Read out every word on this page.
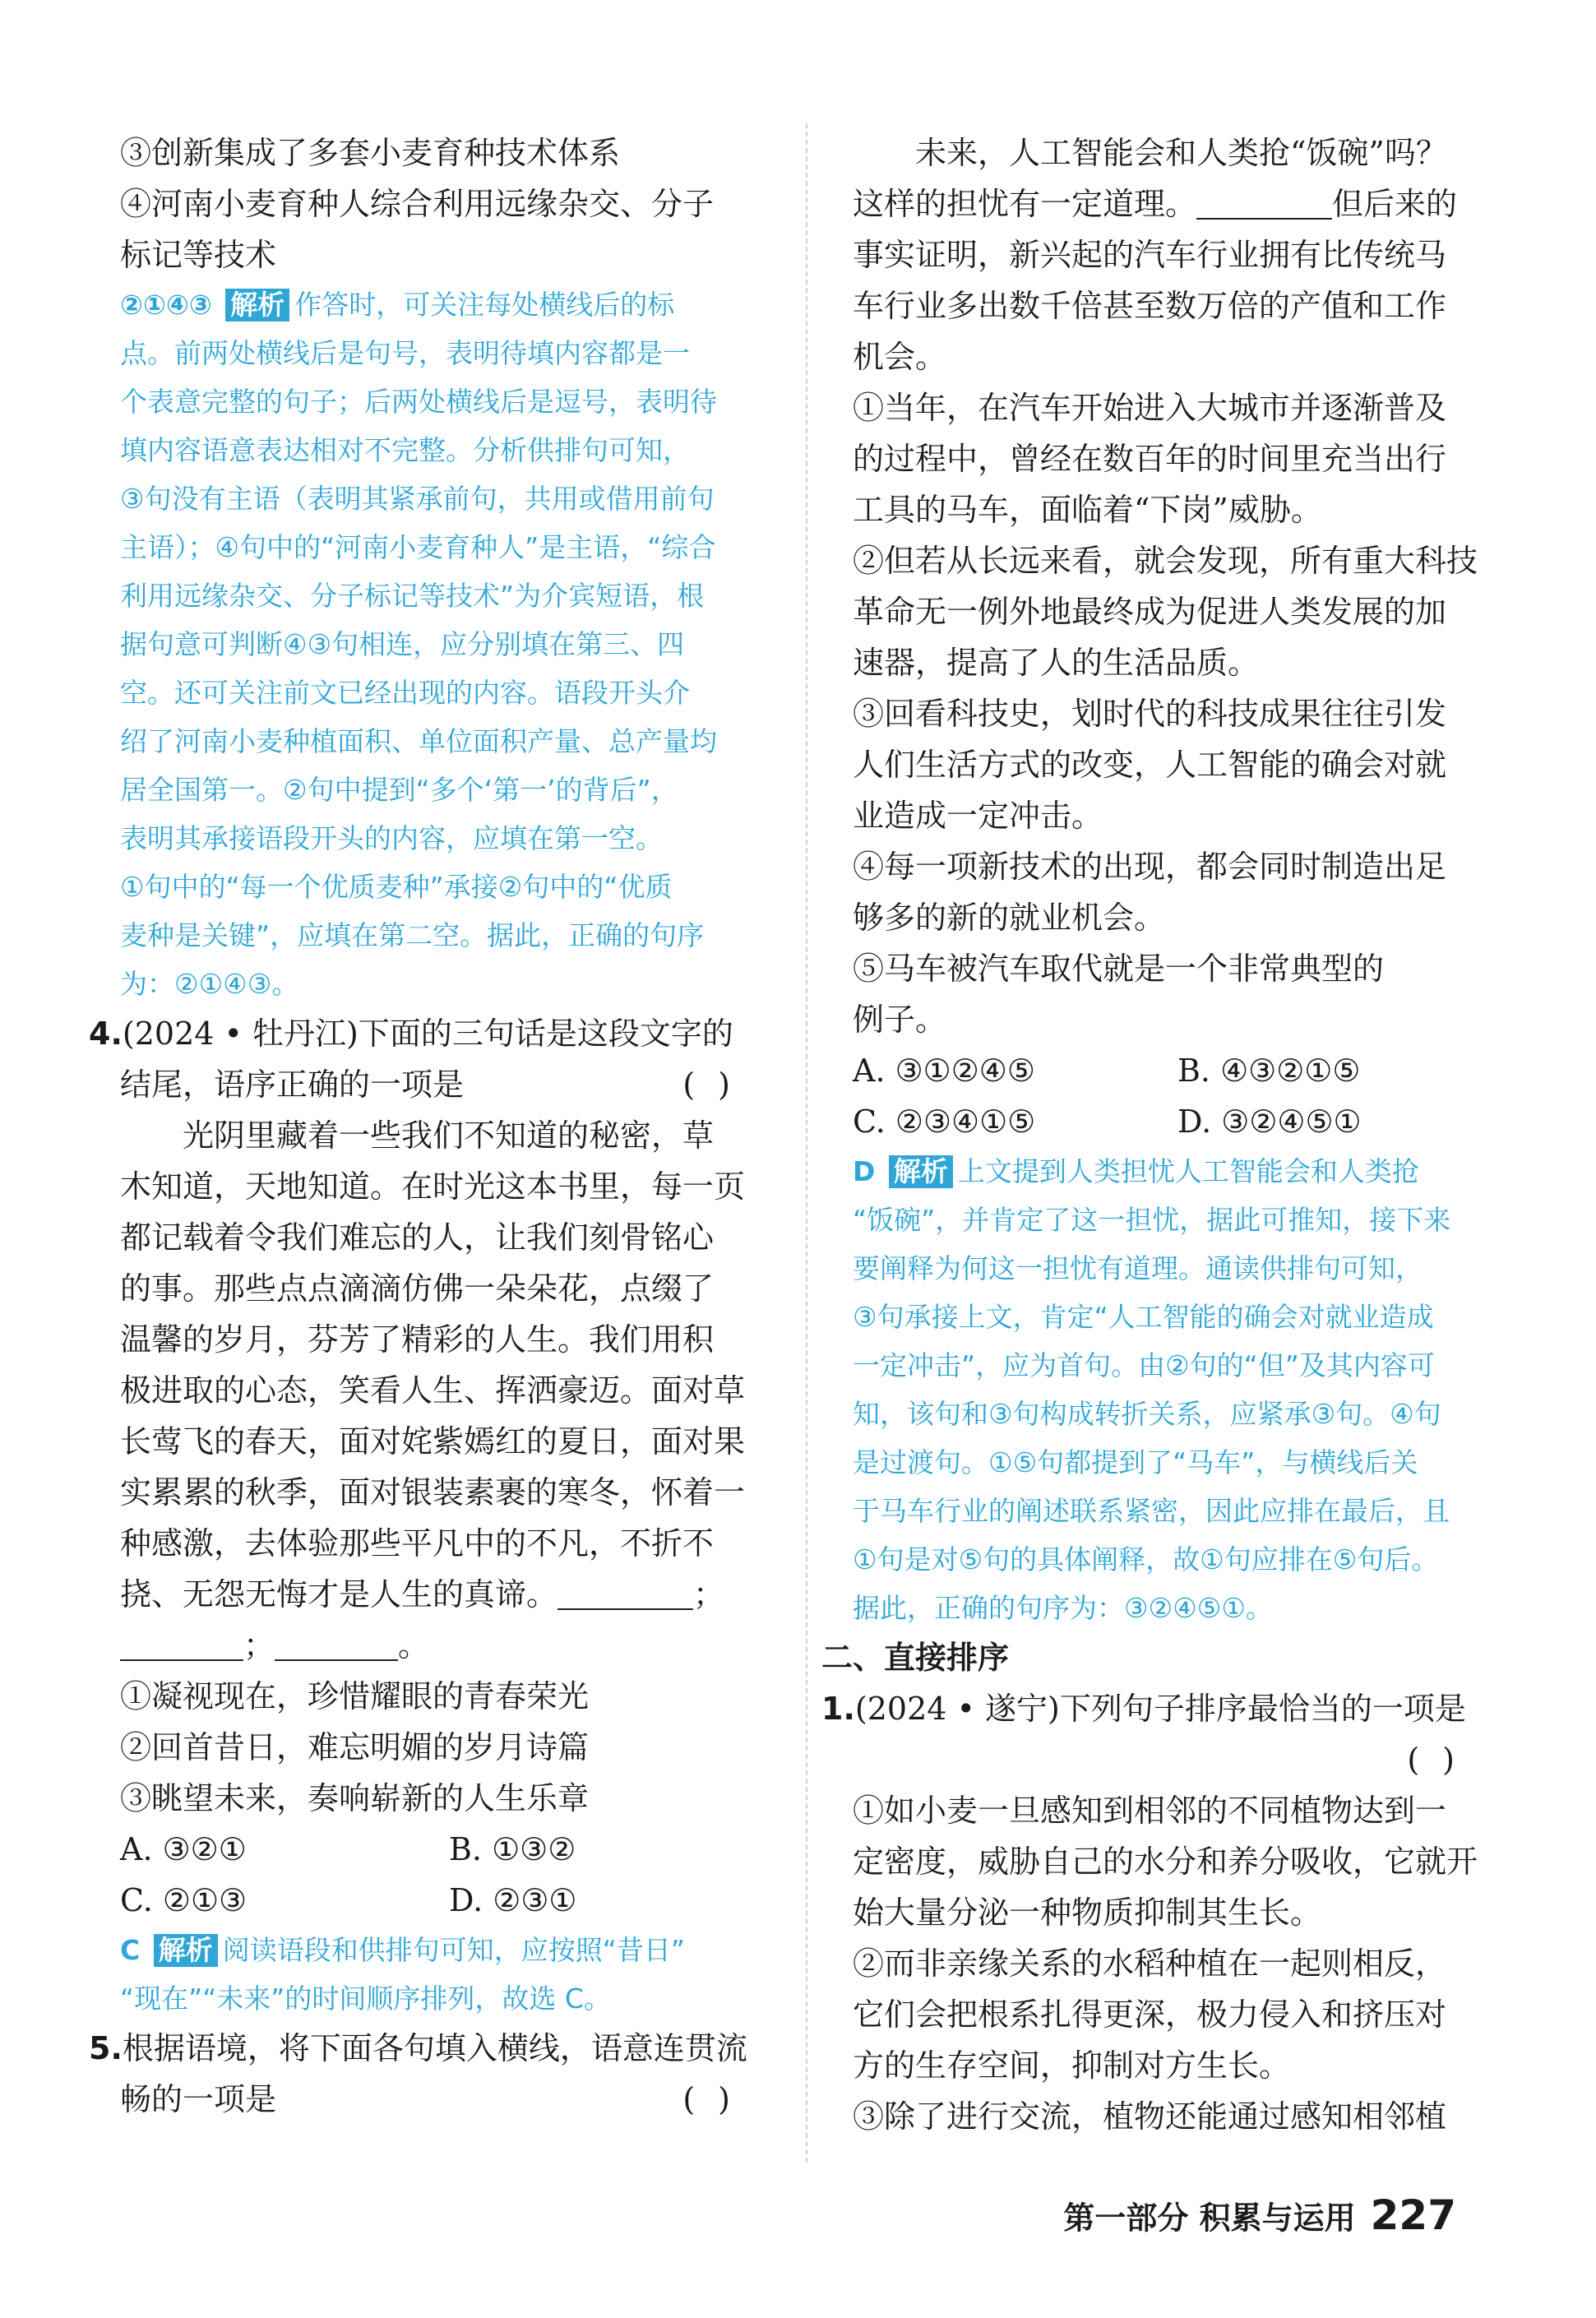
③创新集成了多套小麦育种技术体系

④河南小麦育种人综合利用远缘杂交、分子

标记等技术

②①④③ 解析 作答时，可关注每处横线后的标

点。前两处横线后是句号，表明待填内容都是一

个表意完整的句子；后两处横线后是逗号，表明待

填内容语意表达相对不完整。分析供排句可知，

③句没有主语（表明其紧承前句，共用或借用前句

主语）；④句中的“河南小麦育种人”是主语，“综合

利用远缘杂交、分子标记等技术”为介宾短语，根

据句意可判断④③句相连，应分别填在第三、四

空。还可关注前文已经出现的内容。语段开头介

绍了河南小麦种植面积、单位面积产量、总产量均

居全国第一。②句中提到“多个‘第一’的背后”，

表明其承接语段开头的内容，应填在第一空。

①句中的“每一个优质麦种”承接②句中的“优质

麦种是关键”，应填在第二空。据此，正确的句序

为：②①④③。

4.(2024 • 牡丹江)下面的三句话是这段文字的

结尾，语序正确的一项是	()

光阴里藏着一些我们不知道的秘密，草

木知道，天地知道。在时光这本书里，每一页

都记载着令我们难忘的人，让我们刻骨铭心

的事。那些点点滴滴仿佛一朵朵花，点缀了

温馨的岁月，芬芳了精彩的人生。我们用积

极进取的心态，笑看人生、挥洒豪迈。面对草

长莺飞的春天，面对姹紫嫣红的夏日，面对果

实累累的秋季，面对银装素裹的寒冬，怀着一

种感激，去体验那些平凡中的不凡，不折不

挠、无怨无悔才是人生的真谛。	；

；	。

①凝视现在，珍惜耀眼的青春荣光

②回首昔日，难忘明媚的岁月诗篇

③眺望未来，奏响崭新的人生乐章

A. ③②①	B. ①③②
C. ②①③	D. ②③①

C 解析 阅读语段和供排句可知，应按照“昔日”

“现在”“未来”的时间顺序排列，故选 C。

5.根据语境，将下面各句填入横线，语意连贯流

畅的一项是	()

未来，人工智能会和人类抢“饭碗”吗？

这样的担忧有一定道理。	但后来的

事实证明，新兴起的汽车行业拥有比传统马

车行业多出数千倍甚至数万倍的产值和工作

机会。

①当年，在汽车开始进入大城市并逐渐普及

的过程中，曾经在数百年的时间里充当出行

工具的马车，面临着“下岗”威胁。

②但若从长远来看，就会发现，所有重大科技

革命无一例外地最终成为促进人类发展的加

速器，提高了人的生活品质。

③回看科技史，划时代的科技成果往往引发

人们生活方式的改变，人工智能的确会对就

业造成一定冲击。

④每一项新技术的出现，都会同时制造出足

够多的新的就业机会。

⑤马车被汽车取代就是一个非常典型的

例子。

A. ③①②④⑤	B. ④③②①⑤
C. ②③④①⑤	D. ③②④⑤①

D 解析 上文提到人类担忧人工智能会和人类抢

“饭碗”，并肯定了这一担忧，据此可推知，接下来

要阐释为何这一担忧有道理。通读供排句可知，

③句承接上文，肯定“人工智能的确会对就业造成

一定冲击”，应为首句。由②句的“但”及其内容可

知，该句和③句构成转折关系，应紧承③句。④句

是过渡句。①⑤句都提到了“马车”，与横线后关

于马车行业的阐述联系紧密，因此应排在最后，且

①句是对⑤句的具体阐释，故①句应排在⑤句后。

据此，正确的句序为：③②④⑤①。

二、直接排序

1.(2024 • 遂宁)下列句子排序最恰当的一项是

()

①如小麦一旦感知到相邻的不同植物达到一

定密度，威胁自己的水分和养分吸收，它就开

始大量分泌一种物质抑制其生长。

②而非亲缘关系的水稻种植在一起则相反，

它们会把根系扎得更深，极力侵入和挤压对

方的生存空间，抑制对方生长。

③除了进行交流，植物还能通过感知相邻植

第一部分 积累与运用 227
